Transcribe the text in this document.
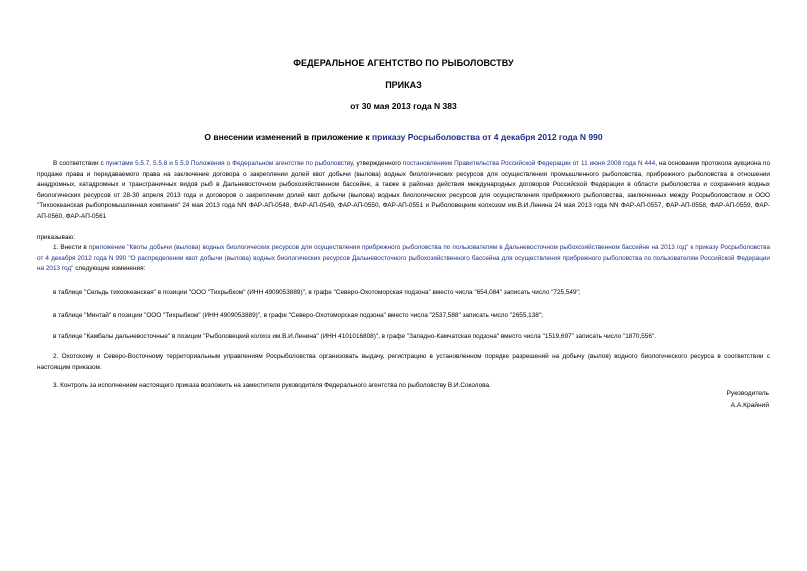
ФЕДЕРАЛЬНОЕ АГЕНТСТВО ПО РЫБОЛОВСТВУ
ПРИКАЗ
от 30 мая 2013 года N 383
О внесении изменений в приложение к приказу Росрыболовства от 4 декабря 2012 года N 990
В соответствии с пунктами 5.5.7, 5.5.8 и 5.5.9 Положения о Федеральном агентстве по рыболовству, утвержденного постановлением Правительства Российской Федерации от 11 июня 2008 года N 444, на основании протокола аукциона по продаже права и передаваемого права на заключение договора о закреплении долей квот добычи (вылова) водных биологических ресурсов для осуществления промышленного рыболовства, прибрежного рыболовства в отношении анадромных, катадромных и трансграничных видов рыб в Дальневосточном рыбохозяйственном бассейне, а также в районах действия международных договоров Российской Федерации в области рыболовства и сохранения водных биологических ресурсов от 28-30 апреля 2013 года и договоров о закреплении долей квот добычи (вылова) водных биологических ресурсов для осуществления прибрежного рыболовства, заключенных между Росрыболовством и ООО "Тихоокеанская рыбопромышленная компания" 24 мая 2013 года NN ФАР-АП-0548, ФАР-АП-0549, ФАР-АП-0550, ФАР-АП-0551 и Рыболовецким колхозом им.В.И.Ленина 24 мая 2013 года NN ФАР-АП-0557, ФАР-АП-0558, ФАР-АП-0559, ФАР-АП-0560, ФАР-АП-0561
приказываю:
1. Внести в приложение "Квоты добычи (вылова) водных биологических ресурсов для осуществления прибрежного рыболовства по пользователям в Дальневосточном рыбохозяйственном бассейне на 2013 год" к приказу Росрыболовства от 4 декабря 2012 года N 990 "О распределении квот добычи (вылова) водных биологических ресурсов Дальневосточного рыбохозяйственного бассейна для осуществления прибрежного рыболовства по пользователям Российской Федерации на 2013 год" следующие изменения:
в таблице "Сельдь тихоокеанская" в позиции "ООО "Тихрыбком" (ИНН 4909053889)", в графе "Северо-Охотоморская подзона" вместо числа "654,084" записать число "725,549";
в таблице "Минтай" в позиции "ООО "Тихрыбком" (ИНН 4909053889)", в графе "Северо-Охотоморская подзона" вместо числа "2537,588" записать число "2655,138";
в таблице "Камбалы дальневосточные" в позиции "Рыболовецкий колхоз им.В.И.Ленина" (ИНН 4101016808)", в графе "Западно-Камчатская подзона" вместо числа "1519,697" записать число "1870,556".
2. Охотскому и Северо-Восточному территориальным управлениям Росрыболовства организовать выдачу, регистрацию в установленном порядке разрешений на добычу (вылов) водного биологического ресурса в соответствии с настоящим приказом.
3. Контроль за исполнением настоящего приказа возложить на заместителя руководителя Федерального агентства по рыболовству В.И.Соколова.
Руководитель
А.А.Крайний
